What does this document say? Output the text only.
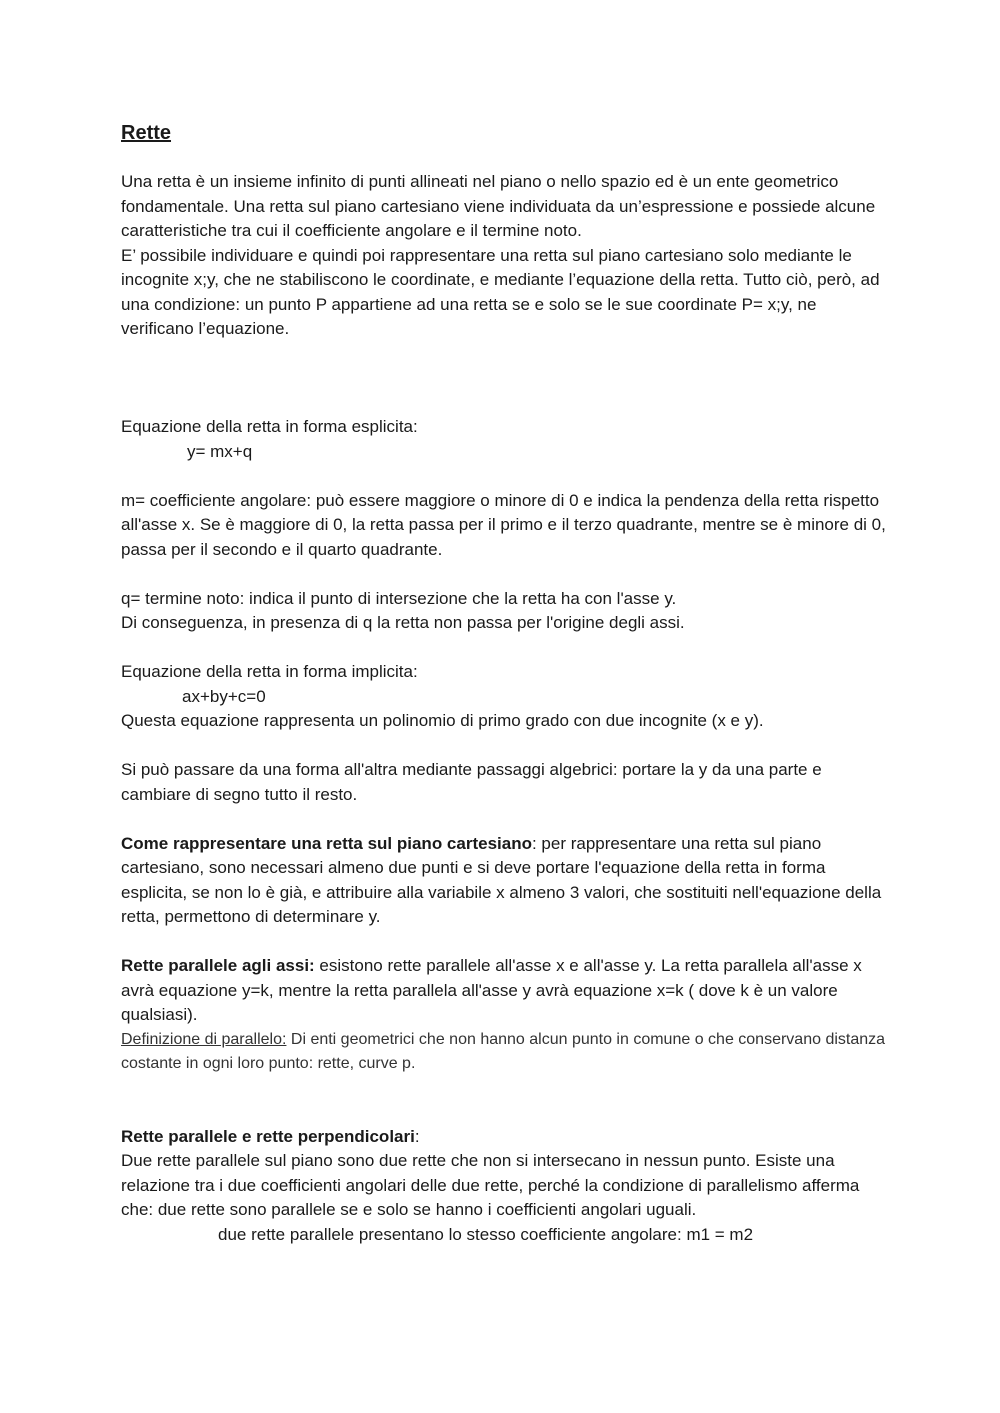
Rette

Una retta è un insieme infinito di punti allineati nel piano o nello spazio ed è un ente geometrico fondamentale. Una retta sul piano cartesiano viene individuata da un’espressione e possiede alcune caratteristiche tra cui il coefficiente angolare e il termine noto.

E’ possibile individuare e quindi poi rappresentare una retta sul piano cartesiano solo mediante le incognite x;y, che ne stabiliscono le coordinate, e mediante l’equazione della retta. Tutto ciò, però, ad una condizione: un punto P appartiene ad una retta se e solo se le sue coordinate P= x;y, ne verificano l’equazione.

Equazione della retta in forma esplicita:

y= mx+q

m= coefficiente angolare: può essere maggiore o minore di 0 e indica la pendenza della retta rispetto all'asse x. Se è maggiore di 0, la retta passa per il primo e il terzo quadrante, mentre se è minore di 0, passa per il secondo e il quarto quadrante.

q= termine noto: indica il punto di intersezione che la retta ha con l'asse y.

Di conseguenza, in presenza di q la retta non passa per l'origine degli assi.

Equazione della retta in forma implicita:

ax+by+c=0

Questa equazione rappresenta un polinomio di primo grado con due incognite (x e y).

Si può passare da una forma all'altra mediante passaggi algebrici: portare la y da una parte e cambiare di segno tutto il resto.

Come rappresentare una retta sul piano cartesiano: per rappresentare una retta sul piano cartesiano, sono necessari almeno due punti e si deve portare l'equazione della retta in forma esplicita, se non lo è già, e attribuire alla variabile x almeno 3 valori, che sostituiti nell'equazione della retta, permettono di determinare y.

Rette parallele agli assi: esistono rette parallele all'asse x e all'asse y. La retta parallela all'asse x avrà equazione y=k, mentre la retta parallela all'asse y avrà equazione x=k ( dove k è un valore qualsiasi).

Definizione di parallelo: Di enti geometrici che non hanno alcun punto in comune o che conservano distanza costante in ogni loro punto: rette, curve p.

Rette parallele e rette perpendicolari:

Due rette parallele sul piano sono due rette che non si intersecano in nessun punto. Esiste una relazione tra i due coefficienti angolari delle due rette, perché la condizione di parallelismo afferma che: due rette sono parallele se e solo se hanno i coefficienti angolari uguali.

due rette parallele presentano lo stesso coefficiente angolare: m1 = m2
